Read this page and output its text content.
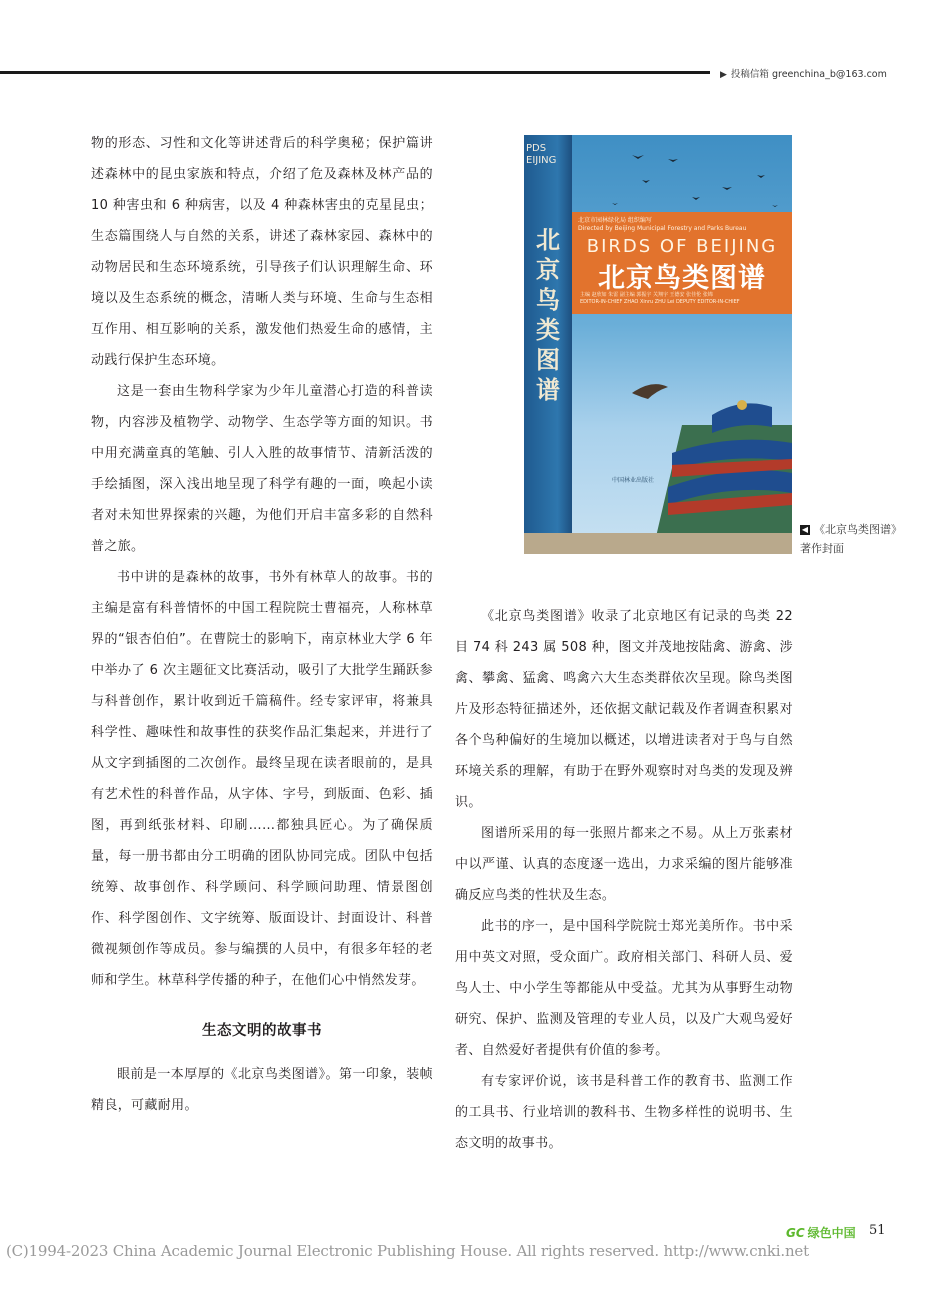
▶ 投稿信箱 greenchina_b@163.com

物的形态、习性和文化等讲述背后的科学奥秘；保护篇讲述森林中的昆虫家族和特点，介绍了危及森林及林产品的 10 种害虫和 6 种病害，以及 4 种森林害虫的克星昆虫；生态篇围绕人与自然的关系，讲述了森林家园、森林中的动物居民和生态环境系统，引导孩子们认识理解生命、环境以及生态系统的概念，清晰人类与环境、生命与生态相互作用、相互影响的关系，激发他们热爱生命的感情，主动践行保护生态环境。

这是一套由生物科学家为少年儿童潜心打造的科普读物，内容涉及植物学、动物学、生态学等方面的知识。书中用充满童真的笔触、引人入胜的故事情节、清新活泼的手绘插图，深入浅出地呈现了科学有趣的一面，唤起小读者对未知世界探索的兴趣，为他们开启丰富多彩的自然科普之旅。

书中讲的是森林的故事，书外有林草人的故事。书的主编是富有科普情怀的中国工程院院士曹福亮，人称林草界的“银杏伯伯”。在曹院士的影响下，南京林业大学 6 年中举办了 6 次主题征文比赛活动，吸引了大批学生踊跃参与科普创作，累计收到近千篇稿件。经专家评审，将兼具科学性、趣味性和故事性的获奖作品汇集起来，并进行了从文字到插图的二次创作。最终呈现在读者眼前的，是具有艺术性的科普作品，从字体、字号，到版面、色彩、插图，再到纸张材料、印刷……都独具匠心。为了确保质量，每一册书都由分工明确的团队协同完成。团队中包括统筹、故事创作、科学顾问、科学顾问助理、情景图创作、科学图创作、文字统筹、版面设计、封面设计、科普微视频创作等成员。参与编撰的人员中，有很多年轻的老师和学生。林草科学传播的种子，在他们心中悄然发芽。

生态文明的故事书

眼前是一本厚厚的《北京鸟类图谱》。第一印象，装帧精良，可藏耐用。

PDS
EIJING
北京鸟类图谱
北京市园林绿化局 组织编写
Directed by Beijing Municipal Forestry and Parks Bureau
BIRDS OF BEIJING
北京鸟类图谱
主编 赵欣如 朱雷 副主编 郭振宇 关翔宇 王德安 张佳伦 张锦
EDITOR-IN-CHIEF ZHAO Xinru ZHU Lei DEPUTY EDITOR-IN-CHIEF
中国林业出版社
◀ 《北京鸟类图谱》著作封面

《北京鸟类图谱》收录了北京地区有记录的鸟类 22 目 74 科 243 属 508 种，图文并茂地按陆禽、游禽、涉禽、攀禽、猛禽、鸣禽六大生态类群依次呈现。除鸟类图片及形态特征描述外，还依据文献记载及作者调查积累对各个鸟种偏好的生境加以概述，以增进读者对于鸟与自然环境关系的理解，有助于在野外观察时对鸟类的发现及辨识。

图谱所采用的每一张照片都来之不易。从上万张素材中以严谨、认真的态度逐一选出，力求采编的图片能够准确反应鸟类的性状及生态。

此书的序一，是中国科学院院士郑光美所作。书中采用中英文对照，受众面广。政府相关部门、科研人员、爱鸟人士、中小学生等都能从中受益。尤其为从事野生动物研究、保护、监测及管理的专业人员，以及广大观鸟爱好者、自然爱好者提供有价值的参考。

有专家评价说，该书是科普工作的教育书、监测工作的工具书、行业培训的教科书、生物多样性的说明书、生态文明的故事书。

GC 绿色中国 51
(C)1994-2023 China Academic Journal Electronic Publishing House. All rights reserved. http://www.cnki.net
